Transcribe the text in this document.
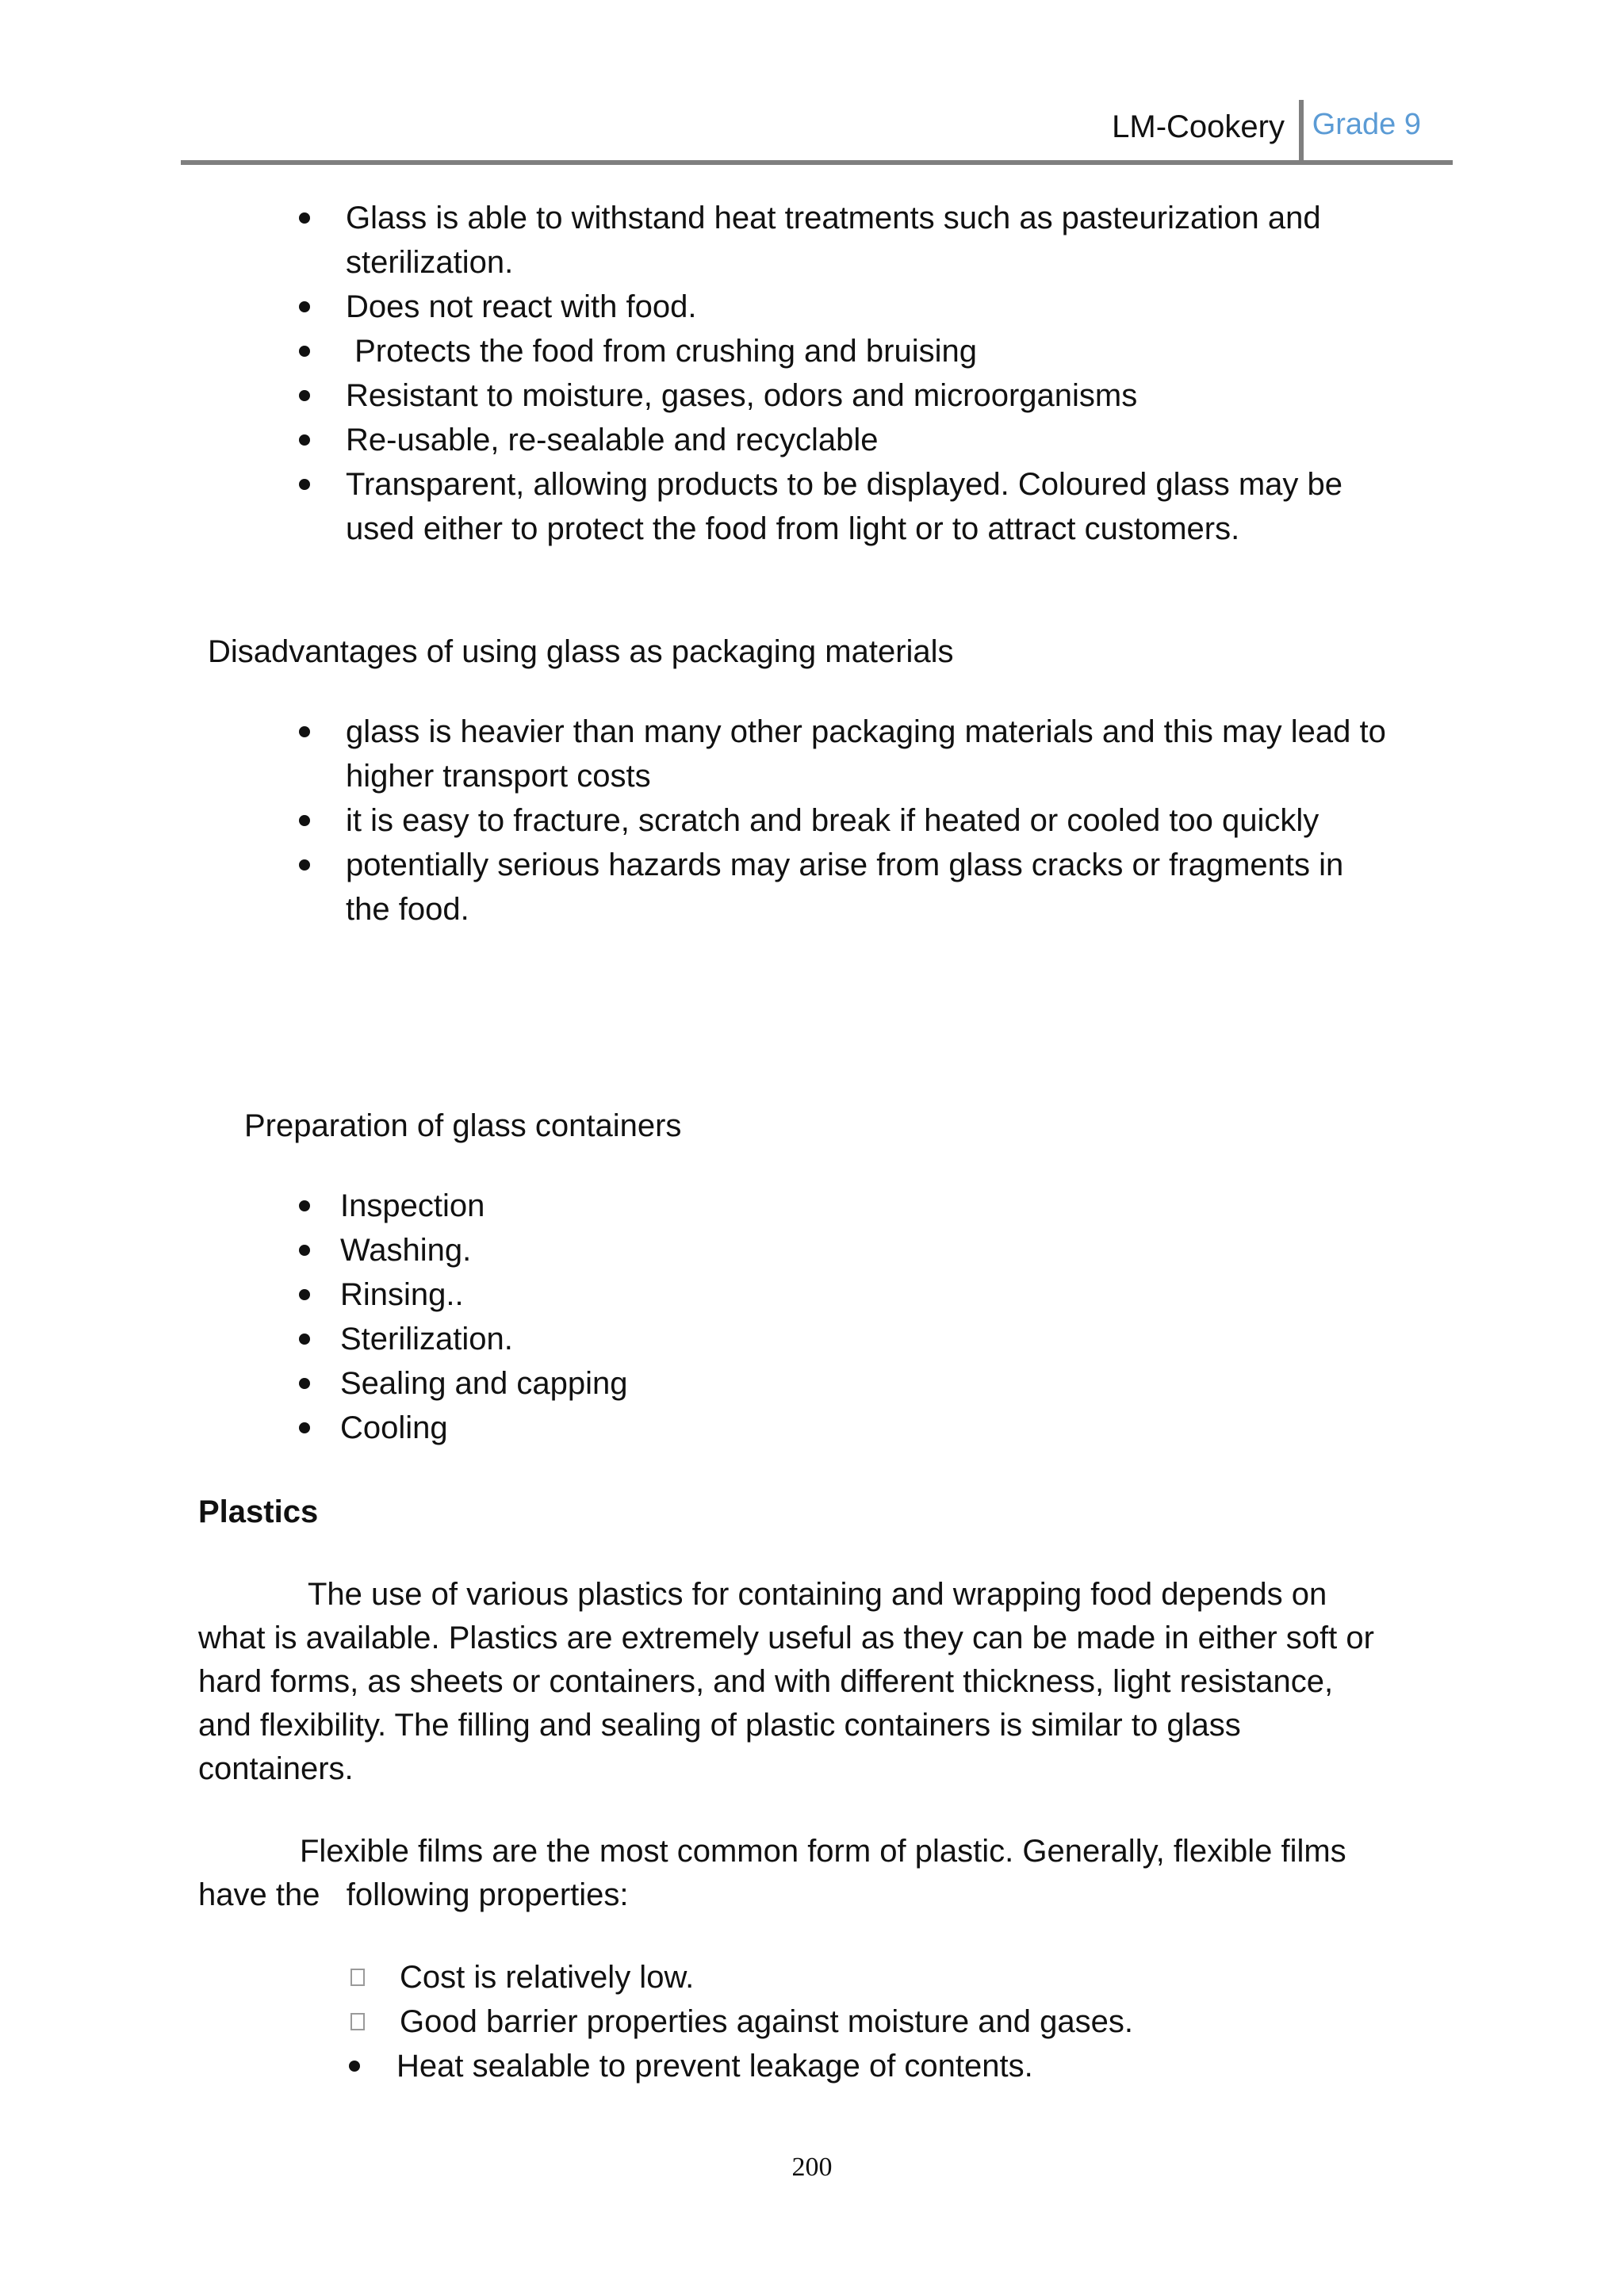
LM-Cookery Grade 9
Glass is able to withstand heat treatments such as pasteurization and
sterilization.
Does not react with food.
Protects the food from crushing and bruising
Resistant to moisture, gases, odors and microorganisms
Re-usable, re-sealable and recyclable
Transparent, allowing products to be displayed. Coloured glass may be
used either to protect the food from light or to attract customers.
Disadvantages of using glass as packaging materials
glass is heavier than many other packaging materials and this may lead to
higher transport costs
it is easy to fracture, scratch and break if heated or cooled too quickly
potentially serious hazards may arise from glass cracks or fragments in
the food.
Preparation of glass containers
Inspection
Washing.
Rinsing..
Sterilization.
Sealing and capping
Cooling
Plastics
The use of various plastics for containing and wrapping food depends on
what is available. Plastics are extremely useful as they can be made in either soft or
hard forms, as sheets or containers, and with different thickness, light resistance,
and flexibility. The filling and sealing of plastic containers is similar to glass
containers.
Flexible films are the most common form of plastic. Generally, flexible films
have the   following properties:
Cost is relatively low.
Good barrier properties against moisture and gases.
Heat sealable to prevent leakage of contents.
200
